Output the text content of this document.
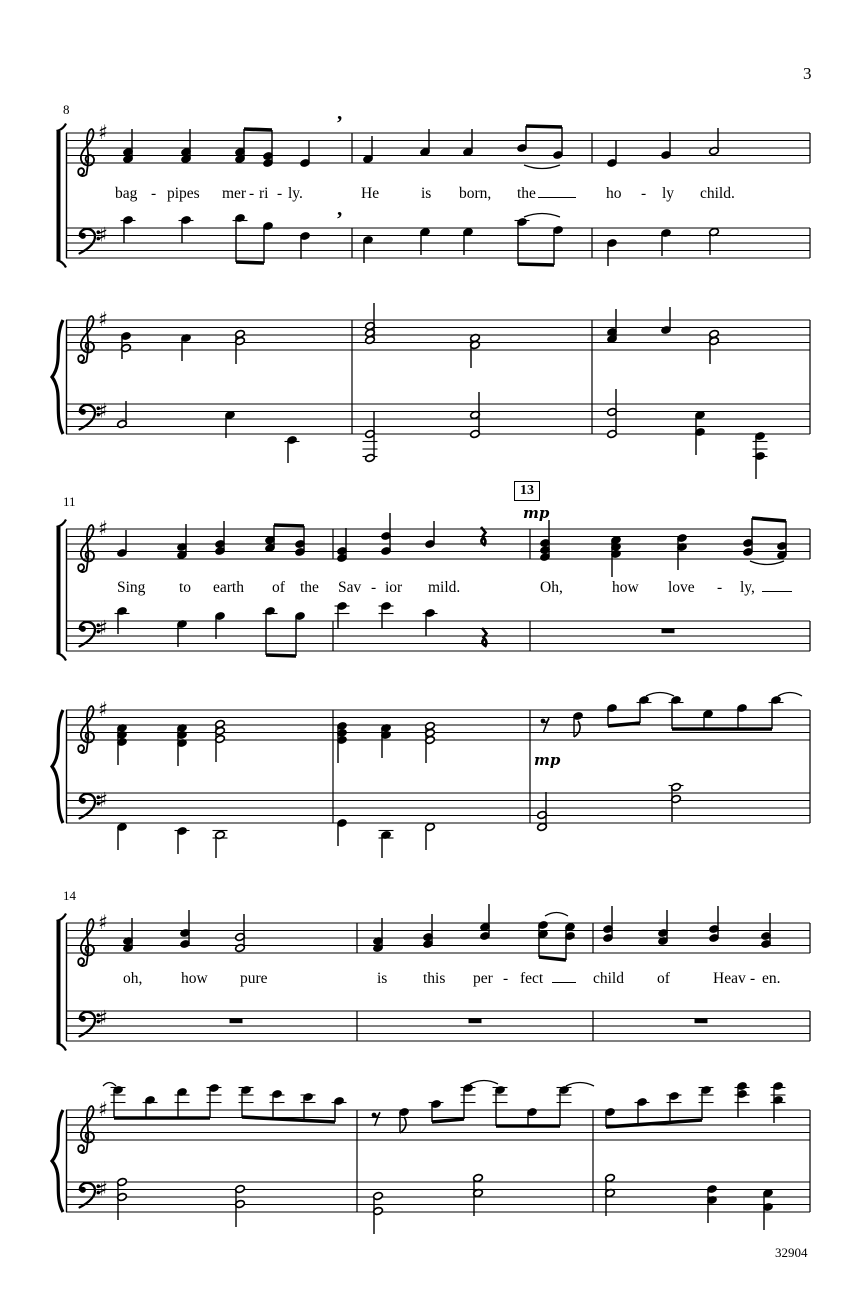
3
♯	’
♯
’
♯
♯
♯
♯
♯
♯
♯
♯
♯
♯
8
11
14
13
mp
mp
bag - pipes mer - ri - ly.	He	is born, the	ho - ly child.
Sing to earth of the Sav - ior mild.	Oh,	how love - ly,
oh, how pure	is this per - fect	child of	Heav - en.
32904
